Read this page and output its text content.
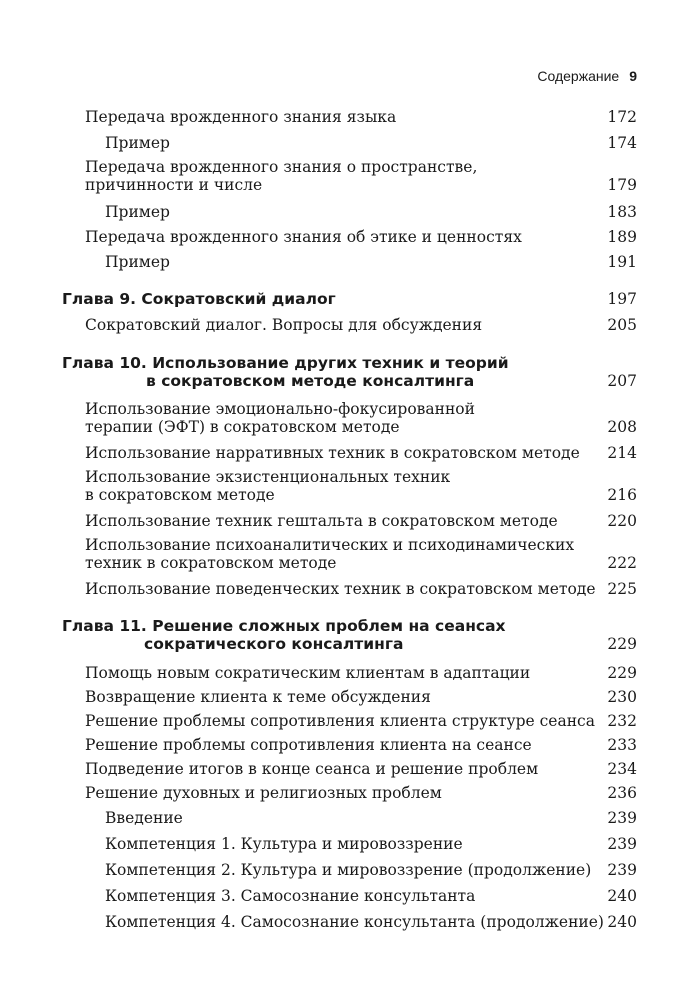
Содержание 9
Передача врожденного знания языка	172
Пример	174
Передача врожденного знания о пространстве,
причинности и числе	179
Пример	183
Передача врожденного знания об этике и ценностях	189
Пример	191
Глава 9. Сократовский диалог	197
Сократовский диалог. Вопросы для обсуждения	205
Глава 10. Использование других техник и теорий
в сократовском методе консалтинга	207
Использование эмоционально-фокусированной
терапии (ЭФТ) в сократовском методе	208
Использование нарративных техник в сократовском методе 214
Использование экзистенциональных техник
в сократовском методе	216
Использование техник гештальта в сократовском методе	220
Использование психоаналитических и психодинамических
техник в сократовском методе	222
Использование поведенческих техник в сократовском методе 225
Глава 11. Решение сложных проблем на сеансах
сократического консалтинга	229
Помощь новым сократическим клиентам в адаптации	229
Возвращение клиента к теме обсуждения	230
Решение проблемы сопротивления клиента структуре сеанса 232
Решение проблемы сопротивления клиента на сеансе	233
Подведение итогов в конце сеанса и решение проблем	234
Решение духовных и религиозных проблем	236
Введение	239
Компетенция 1. Культура и мировоззрение	239
Компетенция 2. Культура и мировоззрение (продолжение) 239
Компетенция 3. Самосознание консультанта	240
Компетенция 4. Самосознание консультанта (продолжение) 240
